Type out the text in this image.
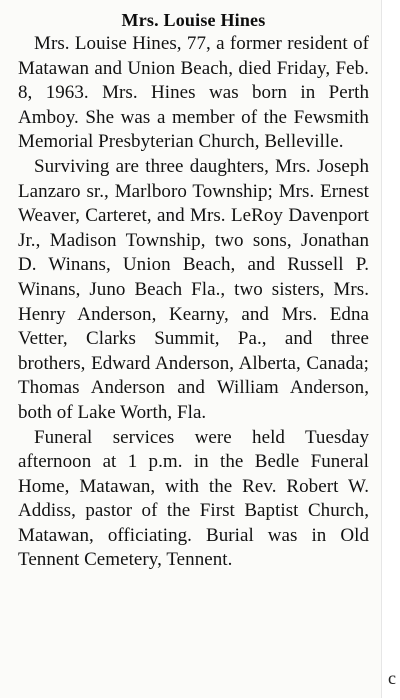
Mrs. Louise Hines

Mrs. Louise Hines, 77, a former resident of Matawan and Union Beach, died Friday, Feb. 8, 1963. Mrs. Hines was born in Perth Amboy. She was a member of the Fewsmith Memorial Presbyterian Church, Belleville.

Surviving are three daughters, Mrs. Joseph Lanzaro sr., Marlboro Township; Mrs. Ernest Weaver, Carteret, and Mrs. LeRoy Davenport Jr., Madison Township, two sons, Jonathan D. Winans, Union Beach, and Russell P. Winans, Juno Beach Fla., two sisters, Mrs. Henry Anderson, Kearny, and Mrs. Edna Vetter, Clarks Summit, Pa., and three brothers, Edward Anderson, Alberta, Canada; Thomas Anderson and William Anderson, both of Lake Worth, Fla.

Funeral services were held Tuesday afternoon at 1 p.m. in the Bedle Funeral Home, Matawan, with the Rev. Robert W. Addiss, pastor of the First Baptist Church, Matawan, officiating. Burial was in Old Tennent Cemetery, Tennent.

c
